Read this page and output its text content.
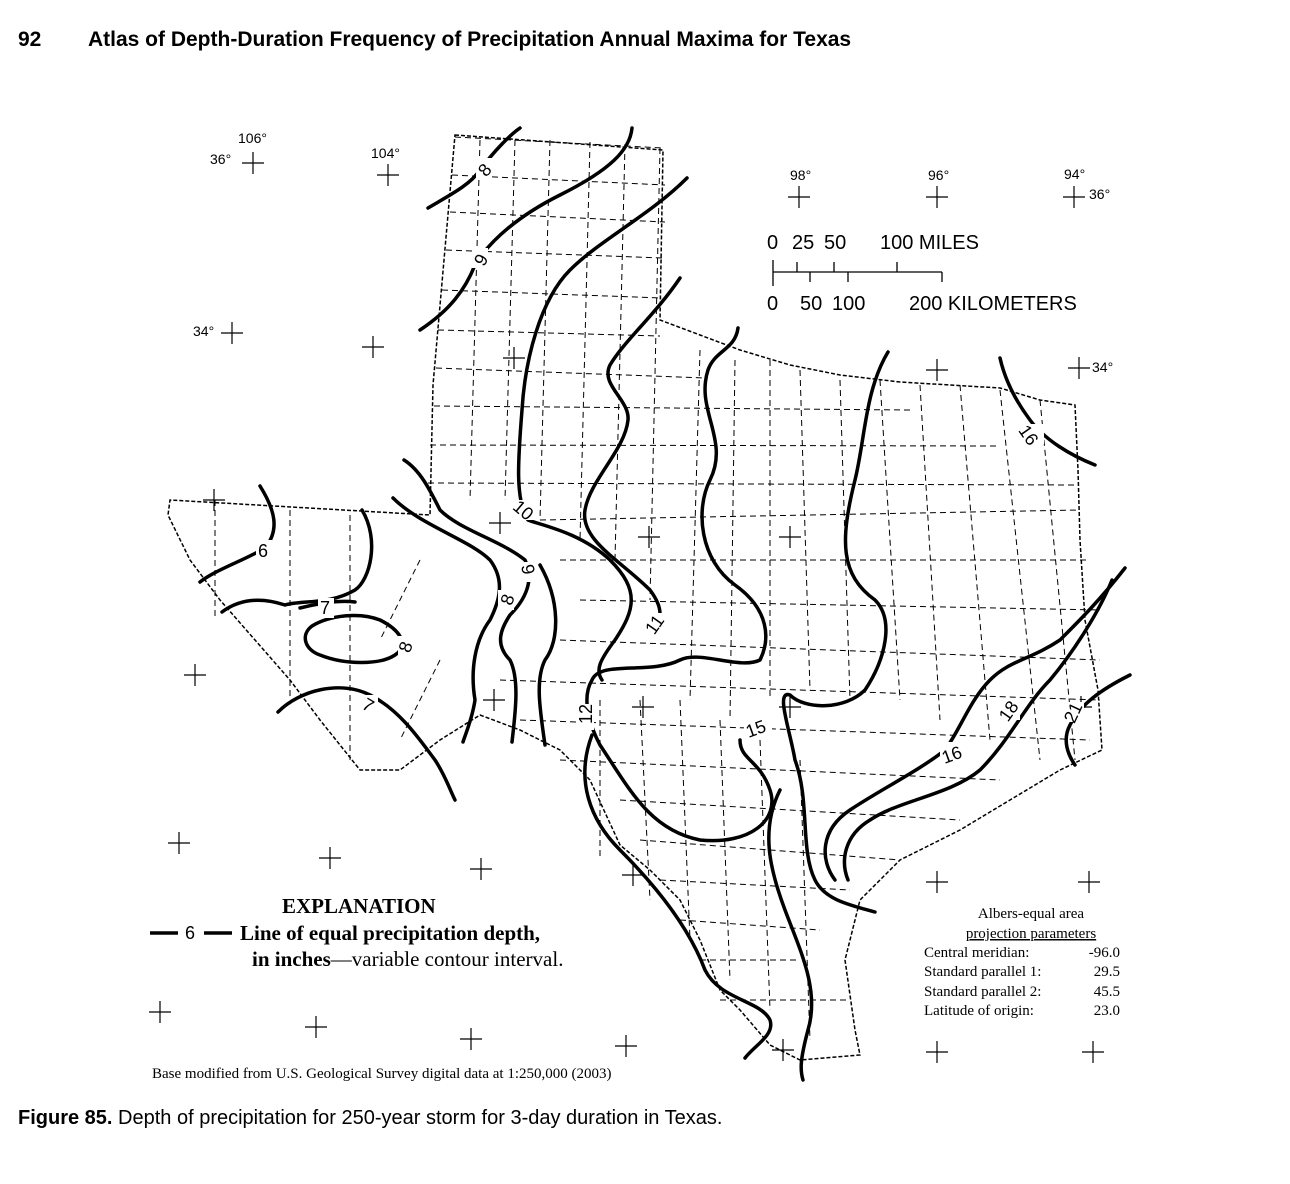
92 Atlas of Depth-Duration Frequency of Precipitation Annual Maxima for Texas
106°
104°
98°	96°	94°
36°
34°
36°
34°
0 25 50 100 MILES
0 50 100 200 KILOMETERS
8
9
10
6
7
8
7
9
8
11
12
15
16
18 21
16
EXPLANATION
6 Line of equal precipitation depth,
in inches—variable contour interval.
Albers-equal area
projection parameters
Central meridian:	-96.0
Standard parallel 1:	29.5
Standard parallel 2:	45.5
Latitude of origin:	23.0
Base modified from U.S. Geological Survey digital data at 1:250,000 (2003)
Figure 85. Depth of precipitation for 250-year storm for 3-day duration in Texas.
